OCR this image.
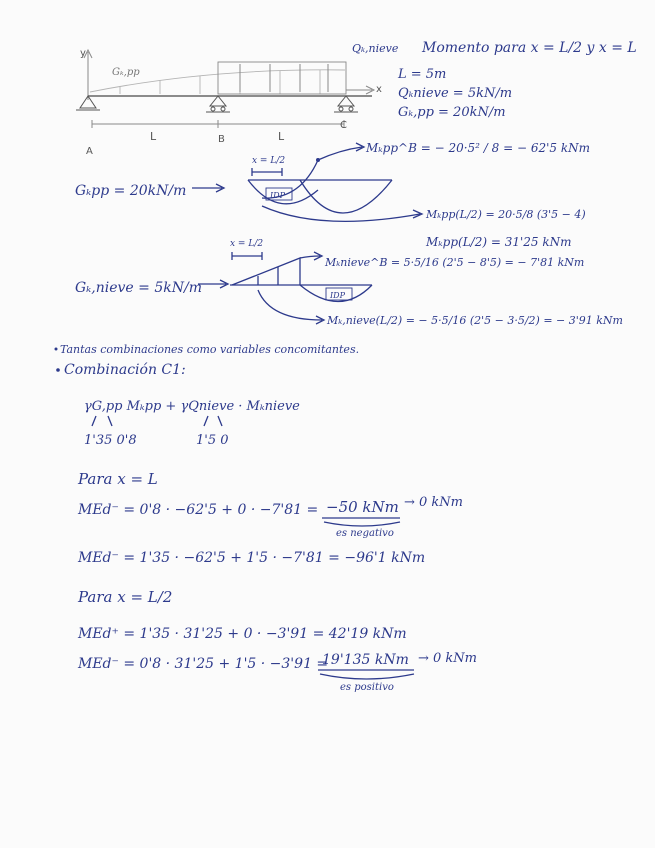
Qₖ,nieve Momento para x = L/2 y x = L
y
x
Gₖ,pp
L	L
A
B
C
L = 5m
Qₖnieve = 5kN/m
Gₖ,pp = 20kN/m
Gₖpp = 20kN/m
x = L/2
IDP
Mₖpp^B = − 20·5² / 8 = − 62'5 kNm
Mₖpp(L/2) = 20·5/8 (3'5 − 4)
Mₖpp(L/2) = 31'25 kNm
Gₖ,nieve = 5kN/m
x = L/2
IDP
Mₖnieve^B = 5·5/16 (2'5 − 8'5) = − 7'81 kNm
Mₖ,nieve(L/2) = − 5·5/16 (2'5 − 3·5/2) = − 3'91 kNm
Tantas combinaciones como variables concomitantes.
Combinación C1:
γG,pp Mₖpp + γQnieve · Mₖnieve
1'35 0'8	1'5 0
Para x = L
MEd⁻ = 0'8 · −62'5 + 0 · −7'81 = −50 kNm
es negativo
→ 0 kNm
MEd⁻ = 1'35 · −62'5 + 1'5 · −7'81 = −96'1 kNm
Para x = L/2
MEd⁺ = 1'35 · 31'25 + 0 · −3'91 = 42'19 kNm
MEd⁻ = 0'8 · 31'25 + 1'5 · −3'91 =
19'135 kNm
es positivo
→ 0 kNm
